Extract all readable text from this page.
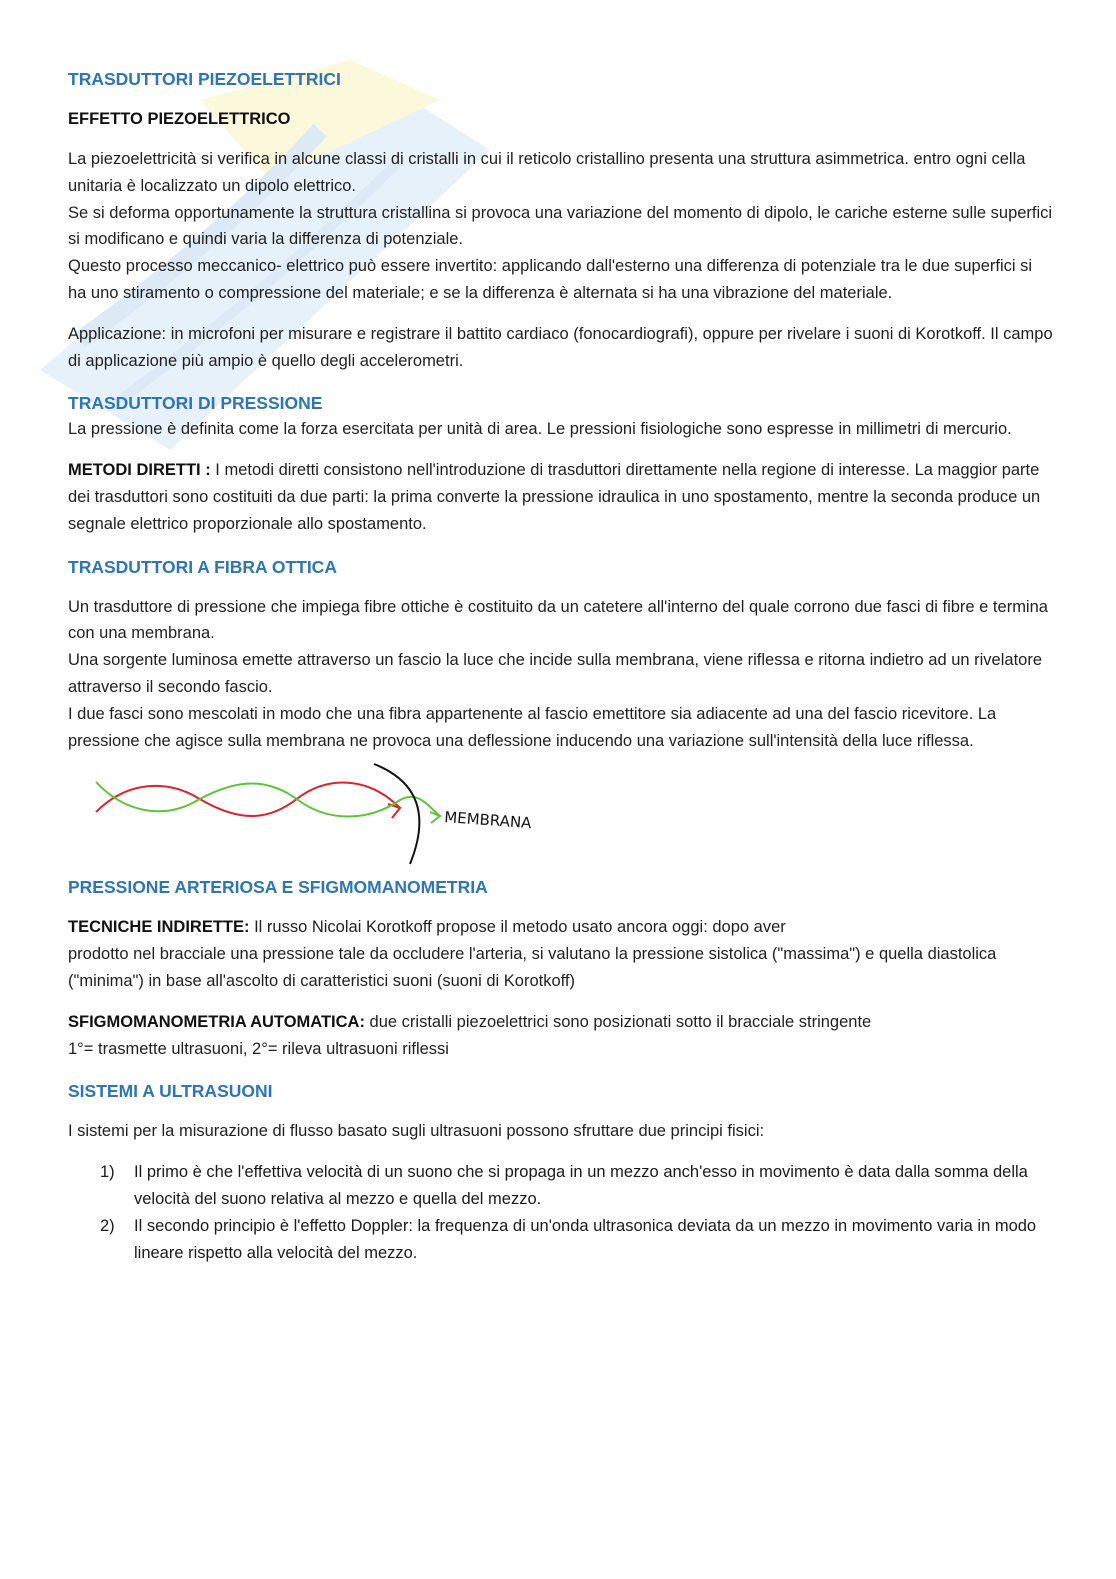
TRASDUTTORI PIEZOELETTRICI
EFFETTO PIEZOELETTRICO

La piezoelettricità si verifica in alcune classi di cristalli in cui il reticolo cristallino presenta una struttura asimmetrica. entro ogni cella unitaria è localizzato un dipolo elettrico.

Se si deforma opportunamente la struttura cristallina si provoca una variazione del momento di dipolo, le cariche esterne sulle superfici si modificano e quindi varia la differenza di potenziale.

Questo processo meccanico- elettrico può essere invertito: applicando dall'esterno una differenza di potenziale tra le due superfici si ha uno stiramento o compressione del materiale; e se la differenza è alternata si ha una vibrazione del materiale.

Applicazione: in microfoni per misurare e registrare il battito cardiaco (fonocardiografi), oppure per rivelare i suoni di Korotkoff. Il campo di applicazione più ampio è quello degli accelerometri.

TRASDUTTORI DI PRESSIONE

La pressione è definita come la forza esercitata per unità di area. Le pressioni fisiologiche sono espresse in millimetri di mercurio.

METODI DIRETTI : I metodi diretti consistono nell'introduzione di trasduttori direttamente nella regione di interesse. La maggior parte dei trasduttori sono costituiti da due parti: la prima converte la pressione idraulica in uno spostamento, mentre la seconda produce un segnale elettrico proporzionale allo spostamento.

TRASDUTTORI A FIBRA OTTICA

Un trasduttore di pressione che impiega fibre ottiche è costituito da un catetere all'interno del quale corrono due fasci di fibre e termina con una membrana.

Una sorgente luminosa emette attraverso un fascio la luce che incide sulla membrana, viene riflessa e ritorna indietro ad un rivelatore attraverso il secondo fascio.

I due fasci sono mescolati in modo che una fibra appartenente al fascio emettitore sia adiacente ad una del fascio ricevitore. La pressione che agisce sulla membrana ne provoca una deflessione inducendo una variazione sull'intensità della luce riflessa.

MEMBRANA
PRESSIONE ARTERIOSA E SFIGMOMANOMETRIA

TECNICHE INDIRETTE: Il russo Nicolai Korotkoff propose il metodo usato ancora oggi: dopo aver

prodotto nel bracciale una pressione tale da occludere l'arteria, si valutano la pressione sistolica ("massima") e quella diastolica ("minima") in base all'ascolto di caratteristici suoni (suoni di Korotkoff)

SFIGMOMANOMETRIA AUTOMATICA: due cristalli piezoelettrici sono posizionati sotto il bracciale stringente

1°= trasmette ultrasuoni, 2°= rileva ultrasuoni riflessi

SISTEMI A ULTRASUONI

I sistemi per la misurazione di flusso basato sugli ultrasuoni possono sfruttare due principi fisici:

1) Il primo è che l'effettiva velocità di un suono che si propaga in un mezzo anch'esso in movimento è data dalla somma della velocità del suono relativa al mezzo e quella del mezzo.
2) Il secondo principio è l'effetto Doppler: la frequenza di un'onda ultrasonica deviata da un mezzo in movimento varia in modo lineare rispetto alla velocità del mezzo.
